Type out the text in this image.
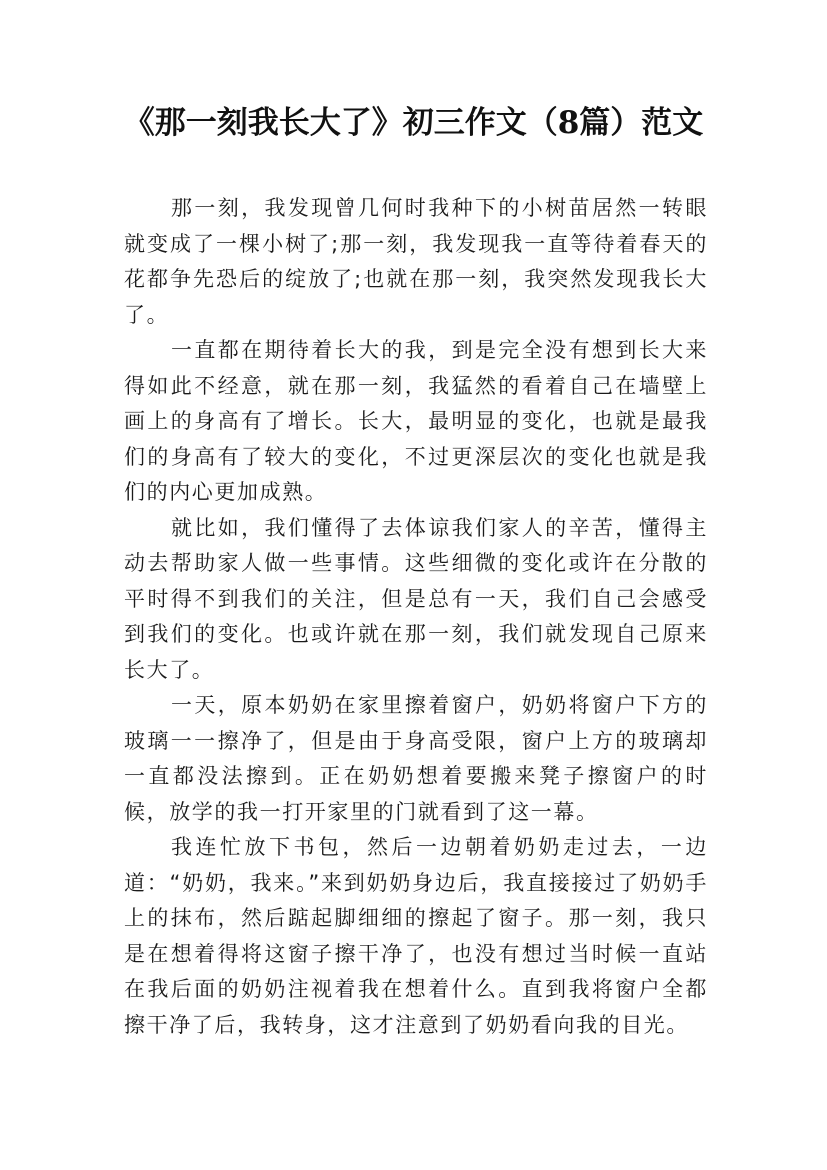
《那一刻我长大了》初三作文（8篇）范文

那一刻，我发现曾几何时我种下的小树苗居然一转眼就变成了一棵小树了;那一刻，我发现我一直等待着春天的花都争先恐后的绽放了;也就在那一刻，我突然发现我长大了。

一直都在期待着长大的我，到是完全没有想到长大来得如此不经意，就在那一刻，我猛然的看着自己在墙壁上画上的身高有了增长。长大，最明显的变化，也就是最我们的身高有了较大的变化，不过更深层次的变化也就是我们的内心更加成熟。

就比如，我们懂得了去体谅我们家人的辛苦，懂得主动去帮助家人做一些事情。这些细微的变化或许在分散的平时得不到我们的关注，但是总有一天，我们自己会感受到我们的变化。也或许就在那一刻，我们就发现自己原来长大了。

一天，原本奶奶在家里擦着窗户，奶奶将窗户下方的玻璃一一擦净了，但是由于身高受限，窗户上方的玻璃却一直都没法擦到。正在奶奶想着要搬来凳子擦窗户的时候，放学的我一打开家里的门就看到了这一幕。

我连忙放下书包，然后一边朝着奶奶走过去，一边道：“奶奶，我来。”来到奶奶身边后，我直接接过了奶奶手上的抹布，然后踮起脚细细的擦起了窗子。那一刻，我只是在想着得将这窗子擦干净了，也没有想过当时候一直站在我后面的奶奶注视着我在想着什么。直到我将窗户全都擦干净了后，我转身，这才注意到了奶奶看向我的目光。
